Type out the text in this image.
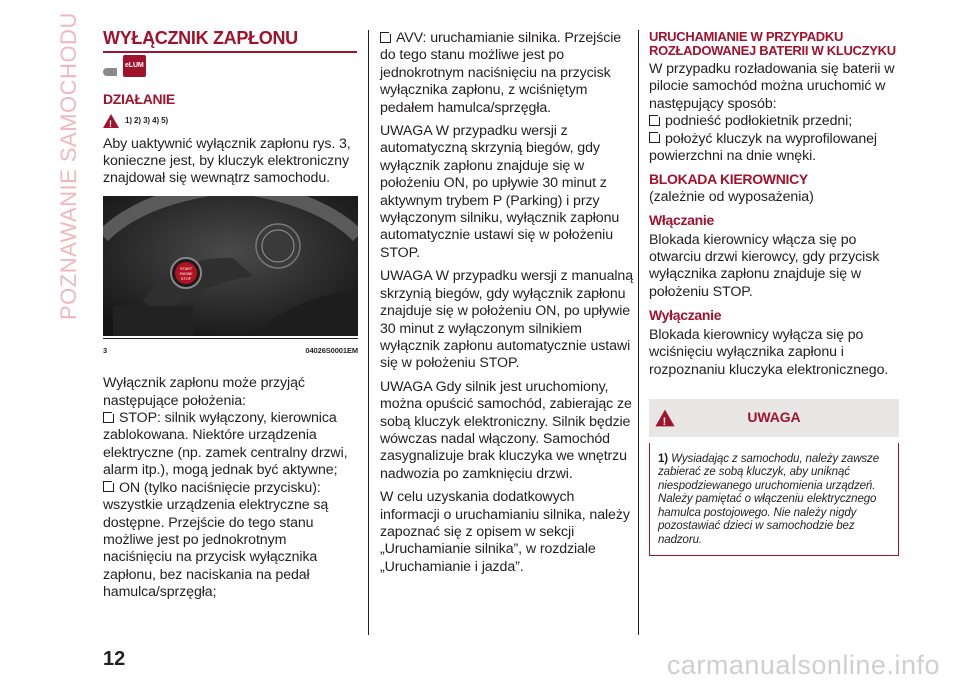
POZNAWANIE SAMOCHODU WYŁĄCZNIK ZAPŁONU
eLUM
DZIAŁANIE
!
1) 2) 3) 4) 5)

Aby uaktywnić wyłącznik zapłonu rys. 3, konieczne jest, by kluczyk elektroniczny znajdował się wewnątrz samochodu.

START
ENGINE
STOP
3	04026S0001EM

Wyłącznik zapłonu może przyjąć następujące położenia:

STOP: silnik wyłączony, kierownica zablokowana. Niektóre urządzenia elektryczne (np. zamek centralny drzwi, alarm itp.), mogą jednak być aktywne;

ON (tylko naciśnięcie przycisku): wszystkie urządzenia elektryczne są dostępne. Przejście do tego stanu możliwe jest po jednokrotnym naciśnięciu na przycisk wyłącznika zapłonu, bez naciskania na pedał hamulca/sprzęgła;

AVV: uruchamianie silnika. Przejście do tego stanu możliwe jest po jednokrotnym naciśnięciu na przycisk wyłącznika zapłonu, z wciśniętym pedałem hamulca/sprzęgła.

UWAGA W przypadku wersji z automatyczną skrzynią biegów, gdy wyłącznik zapłonu znajduje się w położeniu ON, po upływie 30 minut z aktywnym trybem P (Parking) i przy wyłączonym silniku, wyłącznik zapłonu automatycznie ustawi się w położeniu STOP.

UWAGA W przypadku wersji z manualną skrzynią biegów, gdy wyłącznik zapłonu znajduje się w położeniu ON, po upływie 30 minut z wyłączonym silnikiem wyłącznik zapłonu automatycznie ustawi się w położeniu STOP.

UWAGA Gdy silnik jest uruchomiony, można opuścić samochód, zabierając ze sobą kluczyk elektroniczny. Silnik będzie wówczas nadal włączony. Samochód zasygnalizuje brak kluczyka we wnętrzu nadwozia po zamknięciu drzwi.

W celu uzyskania dodatkowych informacji o uruchamianiu silnika, należy zapoznać się z opisem w sekcji „Uruchamianie silnika”, w rozdziale „Uruchamianie i jazda”.

URUCHAMIANIE W PRZYPADKU ROZŁADOWANEJ BATERII W KLUCZYKU

W przypadku rozładowania się baterii w pilocie samochód można uruchomić w następujący sposób:

podnieść podłokietnik przedni;

położyć kluczyk na wyprofilowanej powierzchni na dnie wnęki.

BLOKADA KIEROWNICY

(zależnie od wyposażenia)

Włączanie

Blokada kierownicy włącza się po otwarciu drzwi kierowcy, gdy przycisk wyłącznika zapłonu znajduje się w położeniu STOP.

Wyłączanie

Blokada kierownicy wyłącza się po wciśnięciu wyłącznika zapłonu i rozpoznaniu kluczyka elektronicznego.

!
UWAGA
1) Wysiadając z samochodu, należy zawsze zabierać ze sobą kluczyk, aby uniknąć niespodziewanego uruchomienia urządzeń. Należy pamiętać o włączeniu elektrycznego hamulca postojowego. Nie należy nigdy pozostawiać dzieci w samochodzie bez nadzoru.
12	carmanualsonline.info
